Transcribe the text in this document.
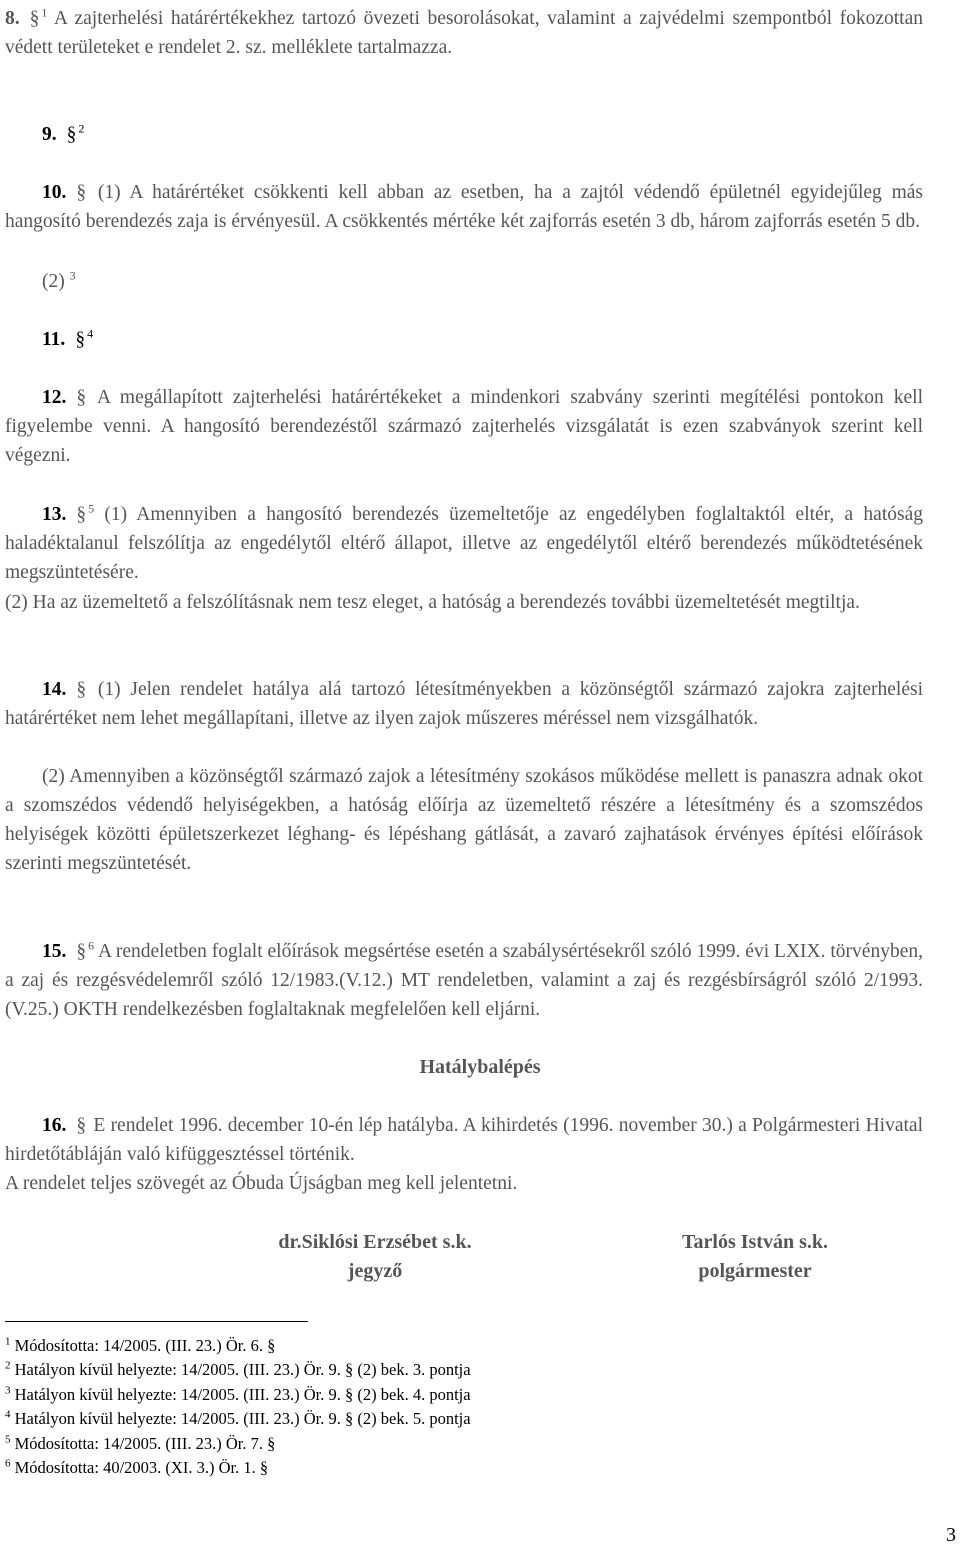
8. § $^1$ A zajterhelési határértékekhez tartozó övezeti besorolásokat, valamint a zajvédelmi szempontból fokozottan védett területeket e rendelet 2. sz. melléklete tartalmazza.
9. § $^2$
10. § (1) A határértéket csökkenti kell abban az esetben, ha a zajtól védendő épületnél egyidejűleg más hangosító berendezés zaja is érvényesül. A csökkentés mértéke két zajforrás esetén 3 db, három zajforrás esetén 5 db.
(2) $^3$
11. § $^4$
12. § A megállapított zajterhelési határértékeket a mindenkori szabvány szerinti megítélési pontokon kell figyelembe venni. A hangosító berendezéstől származó zajterhelés vizsgálatát is ezen szabványok szerint kell végezni.
13. § $^5$ (1) Amennyiben a hangosító berendezés üzemeltetője az engedélyben foglaltaktól eltér, a hatóság haladéktalanul felszólítja az engedélytől eltérő állapot, illetve az engedélytől eltérő berendezés működtetésének megszüntetésére.
(2) Ha az üzemeltető a felszólításnak nem tesz eleget, a hatóság a berendezés további üzemeltetését megtiltja.
14. § (1) Jelen rendelet hatálya alá tartozó létesítményekben a közönségtől származó zajokra zajterhelési határértéket nem lehet megállapítani, illetve az ilyen zajok műszeres méréssel nem vizsgálhatók.
(2) Amennyiben a közönségtől származó zajok a létesítmény szokásos működése mellett is panaszra adnak okot a szomszédos védendő helyiségekben, a hatóság előírja az üzemeltető részére a létesítmény és a szomszédos helyiségek közötti épületszerkezet léghang- és lépéshang gátlását, a zavaró zajhatások érvényes építési előírások szerinti megszüntetését.
15. § $^6$ A rendeletben foglalt előírások megsértése esetén a szabálysértésekről szóló 1999. évi LXIX. törvényben, a zaj és rezgésvédelemről szóló 12/1983.(V.12.) MT rendeletben, valamint a zaj és rezgésbírságról szóló 2/1993.(V.25.) OKTH rendelkezésben foglaltaknak megfelelően kell eljárni.
Hatálybalépés
16. § E rendelet 1996. december 10-én lép hatályba. A kihirdetés (1996. november 30.) a Polgármesteri Hivatal hirdetőtábláján való kifüggesztéssel történik.
A rendelet teljes szövegét az Óbuda Újságban meg kell jelentetni.
dr.Siklósi Erzsébet s.k.
jegyző
Tarlós István s.k.
polgármester
$^1$ Módosította: 14/2005. (III. 23.) Ör. 6. §
$^2$ Hatályon kívül helyezte: 14/2005. (III. 23.) Ör. 9. § (2) bek. 3. pontja
$^3$ Hatályon kívül helyezte: 14/2005. (III. 23.) Ör. 9. § (2) bek. 4. pontja
$^4$ Hatályon kívül helyezte: 14/2005. (III. 23.) Ör. 9. § (2) bek. 5. pontja
$^5$ Módosította: 14/2005. (III. 23.) Ör. 7. §
$^6$ Módosította: 40/2003. (XI. 3.) Ör. 1. §
3
